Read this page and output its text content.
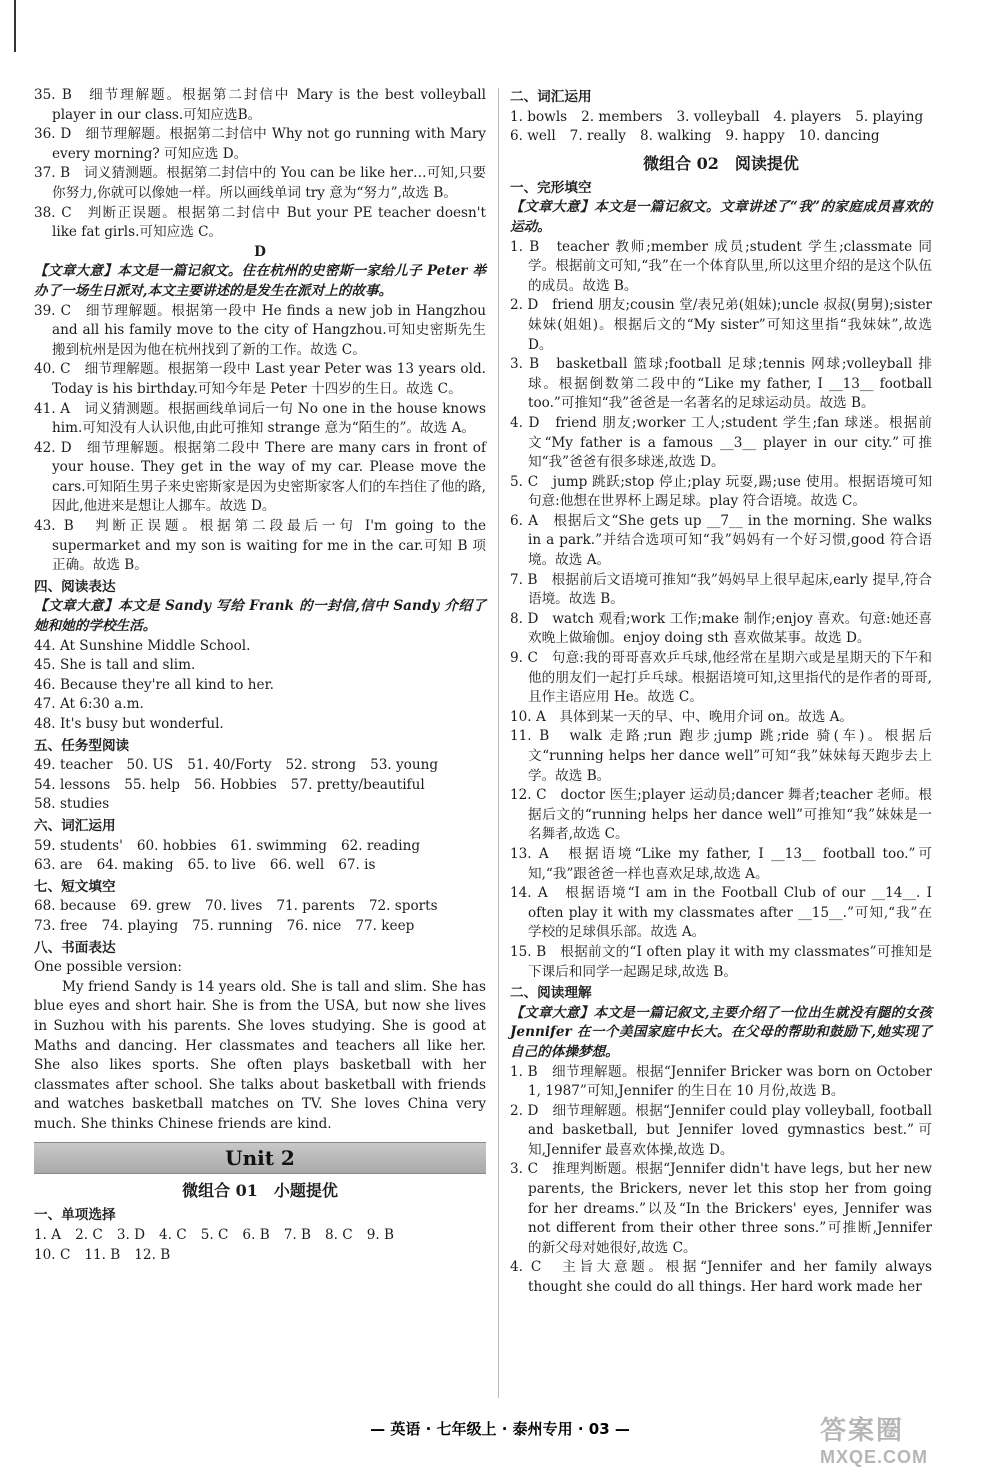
35. B　细节理解题。根据第二封信中 Mary is the best volleyball player in our class.可知应选B。

36. D　细节理解题。根据第二封信中 Why not go running with Mary every morning? 可知应选 D。

37. B　词义猜测题。根据第二封信中的 You can be like her…可知,只要你努力,你就可以像她一样。所以画线单词 try 意为“努力”,故选 B。

38. C　判断正误题。根据第二封信中 But your PE teacher doesn't like fat girls.可知应选 C。

D

【文章大意】本文是一篇记叙文。住在杭州的史密斯一家给儿子 Peter 举办了一场生日派对,本文主要讲述的是发生在派对上的故事。

39. C　细节理解题。根据第一段中 He finds a new job in Hangzhou and all his family move to the city of Hangzhou.可知史密斯先生搬到杭州是因为他在杭州找到了新的工作。故选 C。

40. C　细节理解题。根据第一段中 Last year Peter was 13 years old. Today is his birthday.可知今年是 Peter 十四岁的生日。故选 C。

41. A　词义猜测题。根据画线单词后一句 No one in the house knows him.可知没有人认识他,由此可推知 strange 意为“陌生的”。故选 A。

42. D　细节理解题。根据第二段中 There are many cars in front of your house. They get in the way of my car. Please move the cars.可知陌生男子来史密斯家是因为史密斯家客人们的车挡住了他的路,因此,他进来是想让人挪车。故选 D。

43. B　判断正误题。根据第二段最后一句 I'm going to the supermarket and my son is waiting for me in the car.可知 B 项正确。故选 B。

四、阅读表达

【文章大意】本文是 Sandy 写给 Frank 的一封信,信中 Sandy 介绍了她和她的学校生活。

44. At Sunshine Middle School.

45. She is tall and slim.

46. Because they're all kind to her.

47. At 6:30 a.m.

48. It's busy but wonderful.

五、任务型阅读

49. teacher 50. US 51. 40/Forty 52. strong 53. young
54. lessons 55. help 56. Hobbies 57. pretty/beautiful
58. studies

六、词汇运用

59. students' 60. hobbies 61. swimming 62. reading
63. are 64. making 65. to live 66. well 67. is

七、短文填空

68. because 69. grew 70. lives 71. parents 72. sports
73. free 74. playing 75. running 76. nice 77. keep

八、书面表达

One possible version:

My friend Sandy is 14 years old. She is tall and slim. She has blue eyes and short hair. She is from the USA, but now she lives in Suzhou with his parents. She loves studying. She is good at Maths and dancing. Her classmates and teachers all like her. She also likes sports. She often plays basketball with her classmates after school. She talks about basketball with friends and watches basketball matches on TV. She loves China very much. She thinks Chinese friends are kind.

Unit 2

微组合 01　小题提优

一、单项选择

1. A 2. C 3. D 4. C 5. C 6. B 7. B 8. C 9. B
10. C 11. B 12. B

二、词汇运用

1. bowls 2. members 3. volleyball 4. players 5. playing
6. well 7. really 8. walking 9. happy 10. dancing

微组合 02　阅读提优

一、完形填空

【文章大意】本文是一篇记叙文。文章讲述了“我”的家庭成员喜欢的运动。

1. B　teacher 教师;member 成员;student 学生;classmate 同学。根据前文可知,“我”在一个体育队里,所以这里介绍的是这个队伍的成员。故选 B。

2. D　friend 朋友;cousin 堂/表兄弟(姐妹);uncle 叔叔(舅舅);sister 妹妹(姐姐)。根据后文的“My sister”可知这里指“我妹妹”,故选 D。

3. B　basketball 篮球;football 足球;tennis 网球;volleyball 排球。根据倒数第二段中的“Like my father, I __13__ football too.”可推知“我”爸爸是一名著名的足球运动员。故选 B。

4. D　friend 朋友;worker 工人;student 学生;fan 球迷。根据前文“My father is a famous __3__ player in our city.”可推知“我”爸爸有很多球迷,故选 D。

5. C　jump 跳跃;stop 停止;play 玩耍,踢;use 使用。根据语境可知句意:他想在世界杯上踢足球。play 符合语境。故选 C。

6. A　根据后文“She gets up __7__ in the morning. She walks in a park.”并结合选项可知“我”妈妈有一个好习惯,good 符合语境。故选 A。

7. B　根据前后文语境可推知“我”妈妈早上很早起床,early 提早,符合语境。故选 B。

8. D　watch 观看;work 工作;make 制作;enjoy 喜欢。句意:她还喜欢晚上做瑜伽。enjoy doing sth 喜欢做某事。故选 D。

9. C　句意:我的哥哥喜欢乒乓球,他经常在星期六或是星期天的下午和他的朋友们一起打乒乓球。根据语境可知,这里指代的是作者的哥哥,且作主语应用 He。故选 C。

10. A　具体到某一天的早、中、晚用介词 on。故选 A。

11. B　walk 走路;run 跑步;jump 跳;ride 骑(车)。根据后文“running helps her dance well”可知“我”妹妹每天跑步去上学。故选 B。

12. C　doctor 医生;player 运动员;dancer 舞者;teacher 老师。根据后文的“running helps her dance well”可推知“我”妹妹是一名舞者,故选 C。

13. A　根据语境“Like my father, I __13__ football too.”可知,“我”跟爸爸一样也喜欢足球,故选 A。

14. A　根据语境“I am in the Football Club of our __14__. I often play it with my classmates after __15__.”可知,“我”在学校的足球俱乐部。故选 A。

15. B　根据前文的“I often play it with my classmates”可推知是下课后和同学一起踢足球,故选 B。

二、阅读理解

【文章大意】本文是一篇记叙文,主要介绍了一位出生就没有腿的女孩 Jennifer 在一个美国家庭中长大。在父母的帮助和鼓励下,她实现了自己的体操梦想。

1. B　细节理解题。根据“Jennifer Bricker was born on October 1, 1987”可知,Jennifer 的生日在 10 月份,故选 B。

2. D　细节理解题。根据“Jennifer could play volleyball, football and basketball, but Jennifer loved gymnastics best.”可知,Jennifer 最喜欢体操,故选 D。

3. C　推理判断题。根据“Jennifer didn't have legs, but her new parents, the Brickers, never let this stop her from going for her dreams.”以及“In the Brickers' eyes, Jennifer was not different from their other three sons.”可推断,Jennifer 的新父母对她很好,故选 C。

4. C　主旨大意题。根据“Jennifer and her family always thought she could do all things. Her hard work made her

— 英语 · 七年级上 · 泰州专用 · 03 —	答案圈
MXQE.COM
